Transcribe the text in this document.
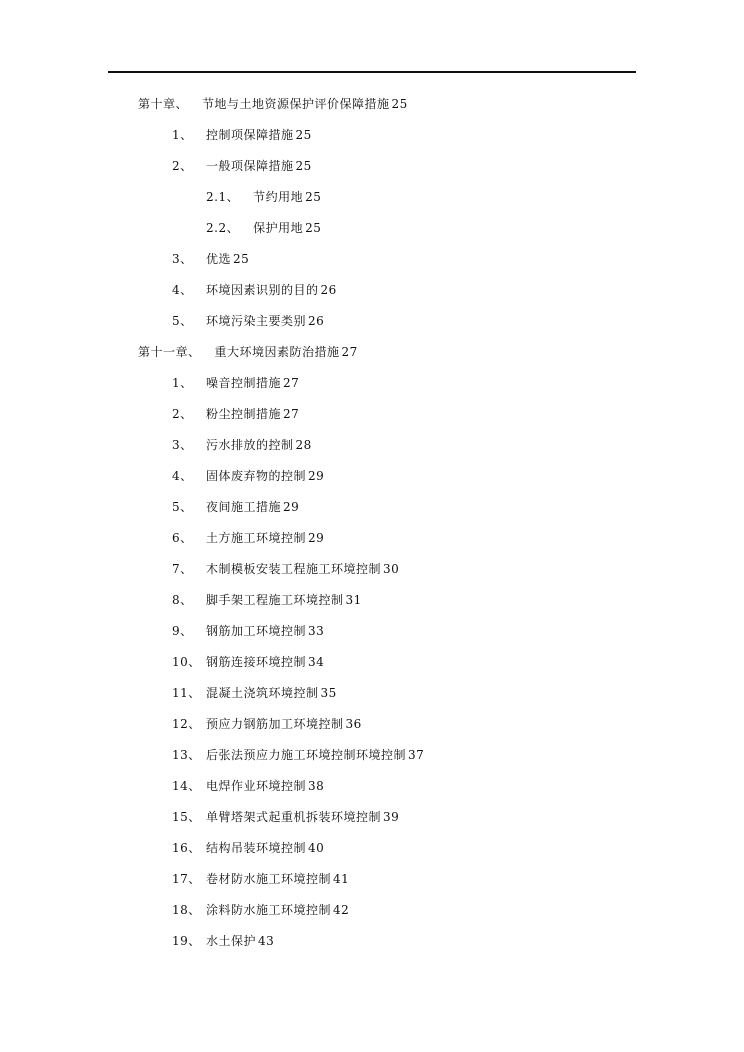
第十章、 节地与土地资源保护评价保障措施 25
1、 控制项保障措施 25
2、 一般项保障措施 25
2.1、 节约用地 25
2.2、 保护用地 25
3、 优选 25
4、 环境因素识别的目的 26
5、 环境污染主要类别 26
第十一章、 重大环境因素防治措施 27
1、 噪音控制措施 27
2、 粉尘控制措施 27
3、 污水排放的控制 28
4、 固体废弃物的控制 29
5、 夜间施工措施 29
6、 土方施工环境控制 29
7、 木制模板安装工程施工环境控制 30
8、 脚手架工程施工环境控制 31
9、 钢筋加工环境控制 33
10、 钢筋连接环境控制 34
11、 混凝土浇筑环境控制 35
12、 预应力钢筋加工环境控制 36
13、 后张法预应力施工环境控制环境控制 37
14、 电焊作业环境控制 38
15、 单臂塔架式起重机拆装环境控制 39
16、 结构吊装环境控制 40
17、 卷材防水施工环境控制 41
18、 涂料防水施工环境控制 42
19、 水土保护 43
